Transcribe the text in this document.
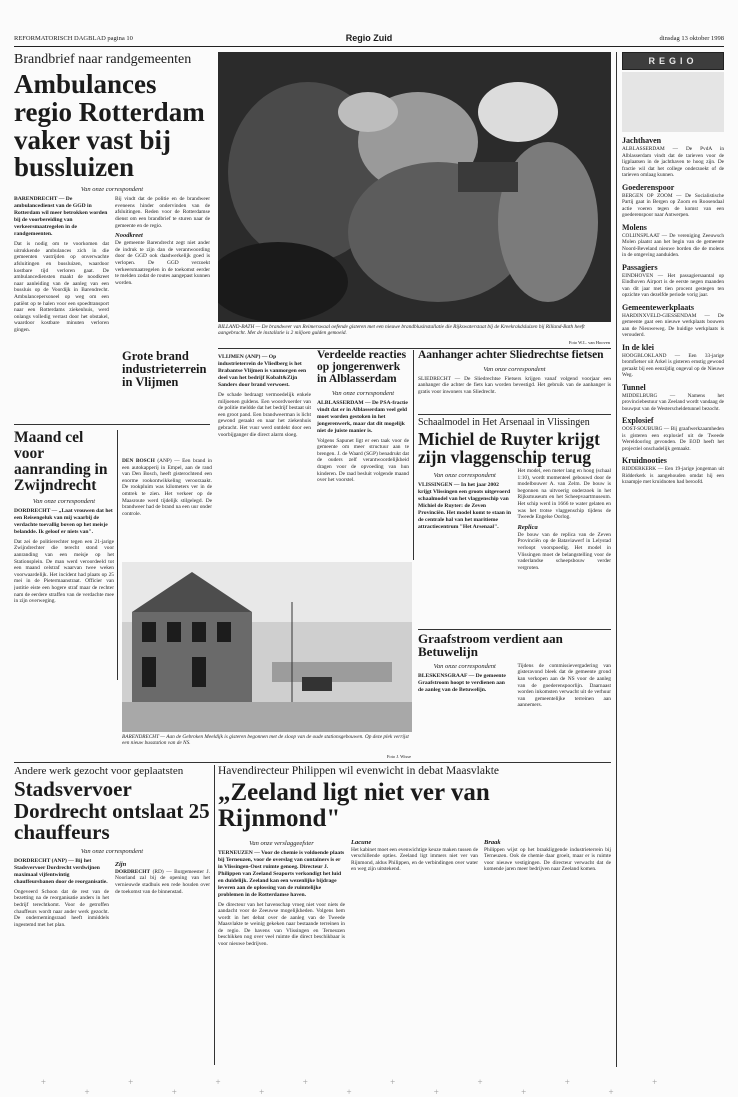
REFORMATORISCH DAGBLAD pagina 10	Regio Zuid	dinsdag 13 oktober 1998
Brandbrief naar randgemeenten
Ambulances regio Rotterdam vaker vast bij bussluizen
Van onze correspondent
BARENDRECHT — De ambulancedienst van de GGD in Rotterdam wil meer betrokken worden bij de voorbereiding van verkeersmaatregelen in de randgemeenten.
Dat is nodig om te voorkomen dat uitrukkende ambulances zich in die gemeenten vastrijden op onverwachte afsluitingen en bussluizen, waardoor kostbare tijd verloren gaat. De ambulancediensten maakt de noodkreet naar aanleiding van de aanleg van een bussluis op de Voordijk in Barendrecht. Ambulancepersoneel op weg om een patiënt op te halen voor een spoedtransport naar een Rotterdams ziekenhuis, werd onlangs volledig verrast door het obstakel, waardoor kostbare minuten verloren gingen.
Bij vindt dat de politie en de brandweer eveneens hinder ondervinden van de afsluitingen. Reden voor de Rotterdamse dienst om een brandbrief te sturen naar de gemeente en de regio.
Noodkreet
De gemeente Barendrecht zegt niet ander de indruk te zijn dan de verantwoording door de GGD ook daadwerkelijk goed is verlopen. De GGD verzoekt verkeersmaatregelen in de toekomst eerder te melden zodat de routes aangepast kunnen worden.
Maand cel voor aanranding in Zwijndrecht
Van onze correspondent
DORDRECHT — „Laat vrouwen dat het een Reisengeluk van mij waarbij de verdachte toevallig boven op het meisje belandde. Ik geloof er niets van".
Dat zei de politierechter tegen een 21-jarige Zwijndrechter die terecht stond voor aanranding van een meisje op het Stationsplein. De man werd veroordeeld tot een maand celstraf waarvan twee weken voorwaardelijk. Het incident had plaats op 25 mei in de Pietermaanstraat. Officier van justitie eiste een hogere straf maar de rechter nam de eerdere straffen van de verdachte mee in zijn overweging.
DEN BOSCH (ANP) — Een brand in een autokapperij in Empel, aan de rand van Den Bosch, heeft gisterochtend een enorme rookontwikkeling veroorzaakt. De rookpluim was kilometers ver in de omtrek te zien. Het verkeer op de Maasroute werd tijdelijk stilgelegd. De brandweer had de brand na een uur onder controle.
BILLAND-BATH — De brandweer van Reimerswaal oefende gisteren met een nieuwe brandblusinstallatie die Rijkswaterstaat bij de Kreekrakdsluizen bij Rilland-Bath heeft aangebracht. Met de installatie is 2 miljoen gulden gemoeid.
Foto W.L. van Hooven
Grote brand industrieterrein in Vlijmen
VLIJMEN (ANP) — Op industrieterrein de Vliedberg is het Brabantse Vlijmen is vanmorgen een deel van het bedrijf Kobalt&Zijn Sanders door brand verwoest.
De schade bedraagt vermoedelijk enkele miljoenen guldens. Een woordvoerder van de politie meldde dat het bedrijf bestaat uit een groot pand. Een brandweerman is licht gewond geraakt en naar het ziekenhuis gebracht. Het vuur werd ontdekt door een voorbijganger die direct alarm sloeg.
Verdeelde reacties op jongerenwerk in Alblasserdam
Van onze correspondent
ALBLASSERDAM — De PSA-fractie vindt dat er in Alblasserdam veel geld moet worden gestoken in het jongerenwerk, maar dat dit mogelijk niet de juiste manier is.
Volgens Sapunet ligt er een taak voor de gemeente om meer structuur aan te brengen. J. de Waard (SGP) benadrukt dat de ouders zelf verantwoordelijkheid dragen voor de opvoeding van hun kinderen. De raad besluit volgende maand over het voorstel.
Aanhanger achter Sliedrechtse fietsen
Van onze correspondent
SLIEDRECHT — De Sliedrechtse Fietsers krijgen vanaf volgend voorjaar een aanhanger die achter de fiets kan worden bevestigd. Het gebruik van de aanhanger is gratis voor inwoners van Sliedrecht.
Schaalmodel in Het Arsenaal in Vlissingen
Michiel de Ruyter krijgt zijn vlaggenschip terug
Van onze correspondent
VLISSINGEN — In het jaar 2002 krijgt Vlissingen een groots uitgevoerd schaalmodel van het vlaggenschip van Michiel de Ruyter: de Zeven Provinciën. Het model komt te staan in de centrale hal van het maritieme attractiecentrum "Het Arsenaal".
Het model, een meter lang en hoog (schaal 1:10), wordt momenteel gebouwd door de modelbouwer A. van Zelm. De bouw is begonnen na uitvoerig onderzoek in het Rijksmuseum en het Scheepvaartmuseum. Het schip werd in 1666 te water gelaten en was het trotse vlaggenschip tijdens de Tweede Engelse Oorlog.
Replica
De bouw van de replica van de Zeven Provinciën op de Bataviawerf in Lelystad verloopt voorspoedig. Het model in Vlissingen moet de belangstelling voor de vaderlandse scheepsbouw verder vergroten.
Graafstroom verdient aan Betuwelijn
Van onze correspondent
BLESKENSGRAAF — De gemeente Graafstroom hoopt te verdienen aan de aanleg van de Betuwelijn.
Tijdens de commissievergadering van gisteravond bleek dat de gemeente grond kan verkopen aan de NS voor de aanleg van de goederenspoorlijn. Daarnaast worden inkomsten verwacht uit de verhuur van gemeentelijke terreinen aan aannemers.
BARENDRECHT — Aan de Gebroken Meeldijk is gisteren begonnen met de sloop van de oude stationsgebouwen. Op deze plek verrijst een nieuw busstation van de NS.
Foto J. Wisse
Andere werk gezocht voor geplaatsten
Stadsvervoer Dordrecht ontslaat 25 chauffeurs
Van onze correspondent
DORDRECHT (ANP) — Bij het Stadsvervoer Dordrecht verdwijnen maximaal vijfentwintig chauffeursbanen door de reorganisatie.
Ongeveerd Schoon dat de rest van de bezetting na de reorganisatie anders in het bedrijf terechtkomt. Voor de getroffen chauffeurs wordt naar ander werk gezocht. De ondernemingsraad heeft inmiddels ingestemd met het plan.
Zijn
DORDRECHT (RD) — Burgemeester J. Noorland zal bij de opening van het vernieuwde stadhuis een rede houden over de toekomst van de binnenstad.
Havendirecteur Philippen wil evenwicht in debat Maasvlakte
„Zeeland ligt niet ver van Rijnmond"
Van onze verslaggeefster
TERNEUZEN — Voor de chemie is voldoende plaats bij Terneuzen, voor de overslag van containers is er in Vlissingen-Oost ruimte genoeg. Directeur J. Philippen van Zeeland Seaports verkondigt het luid en duidelijk. Zeeland kan een wezenlijke bijdrage leveren aan de oplossing van de ruimtelijke problemen in de Rotterdamse haven.
De directeur van het havenschap vroeg niet voor niets de aandacht voor de Zeeuwse mogelijkheden. Volgens hem wordt in het debat over de aanleg van de Tweede Maasvlakte te weinig gekeken naar bestaande terreinen in de regio. De havens van Vlissingen en Terneuzen beschikken nog over veel ruimte die direct beschikbaar is voor nieuwe bedrijven.
Lacune
Het kabinet moet een evenwichtige keuze maken tussen de verschillende opties. Zeeland ligt immers niet ver van Rijnmond, aldus Philippen, en de verbindingen over water en weg zijn uitstekend.
Braak
Philippen wijst op het braakliggende industrieterrein bij Terneuzen. Ook de chemie daar groeit, maar er is ruimte voor nieuwe vestigingen. De directeur verwacht dat de komende jaren meer bedrijven naar Zeeland komen.
REGIO
Jachthaven

ALBLASSERDAM — De PvdA in Alblasserdam vindt dat de tarieven voor de ligplaatsen in de jachthaven te hoog zijn. De fractie wil dat het college onderzoekt of de tarieven omlaag kunnen.

Goederenspoor

BERGEN OP ZOOM — De Socialistische Partij gaat in Bergen op Zoom en Roosendaal actie voeren tegen de komst van een goederenspoor naar Antwerpen.

Molens

COLIJNSPLAAT — De vereniging Zeeuwsch Molen plaatst aan het begin van de gemeente Noord-Beveland nieuwe borden die de molens in de omgeving aanduiden.

Passagiers

EINDHOVEN — Het passagiersaantal op Eindhoven Airport is de eerste negen maanden van dit jaar met tien procent gestegen ten opzichte van dezelfde periode vorig jaar.

Gemeentewerkplaats

HARDINXVELD-GIESSENDAM — De gemeente gaat een nieuwe werkplaats bouwen aan de Nieuweweg. De huidige werkplaats is verouderd.

In de klei

HOOGBLOKLAND — Een 33-jarige bromfietser uit Arkel is gisteren ernstig gewond geraakt bij een eenzijdig ongeval op de Nieuwe Weg.

Tunnel

MIDDELBURG — Namens het provinciebestuur van Zeeland wordt vandaag de bouwput van de Westerscheldetunnel bezocht.

Explosief

OOST-SOUBURG — Bij graafwerkzaamheden is gisteren een explosief uit de Tweede Wereldoorlog gevonden. De EOD heeft het projectiel onschadelijk gemaakt.

Kruidnooties

RIDDERKERK — Een 19-jarige jongeman uit Ridderkerk is aangehouden omdat hij een kraampje met kruidnoten had beroofd.

+ + + + + + + + + + + + + + +
